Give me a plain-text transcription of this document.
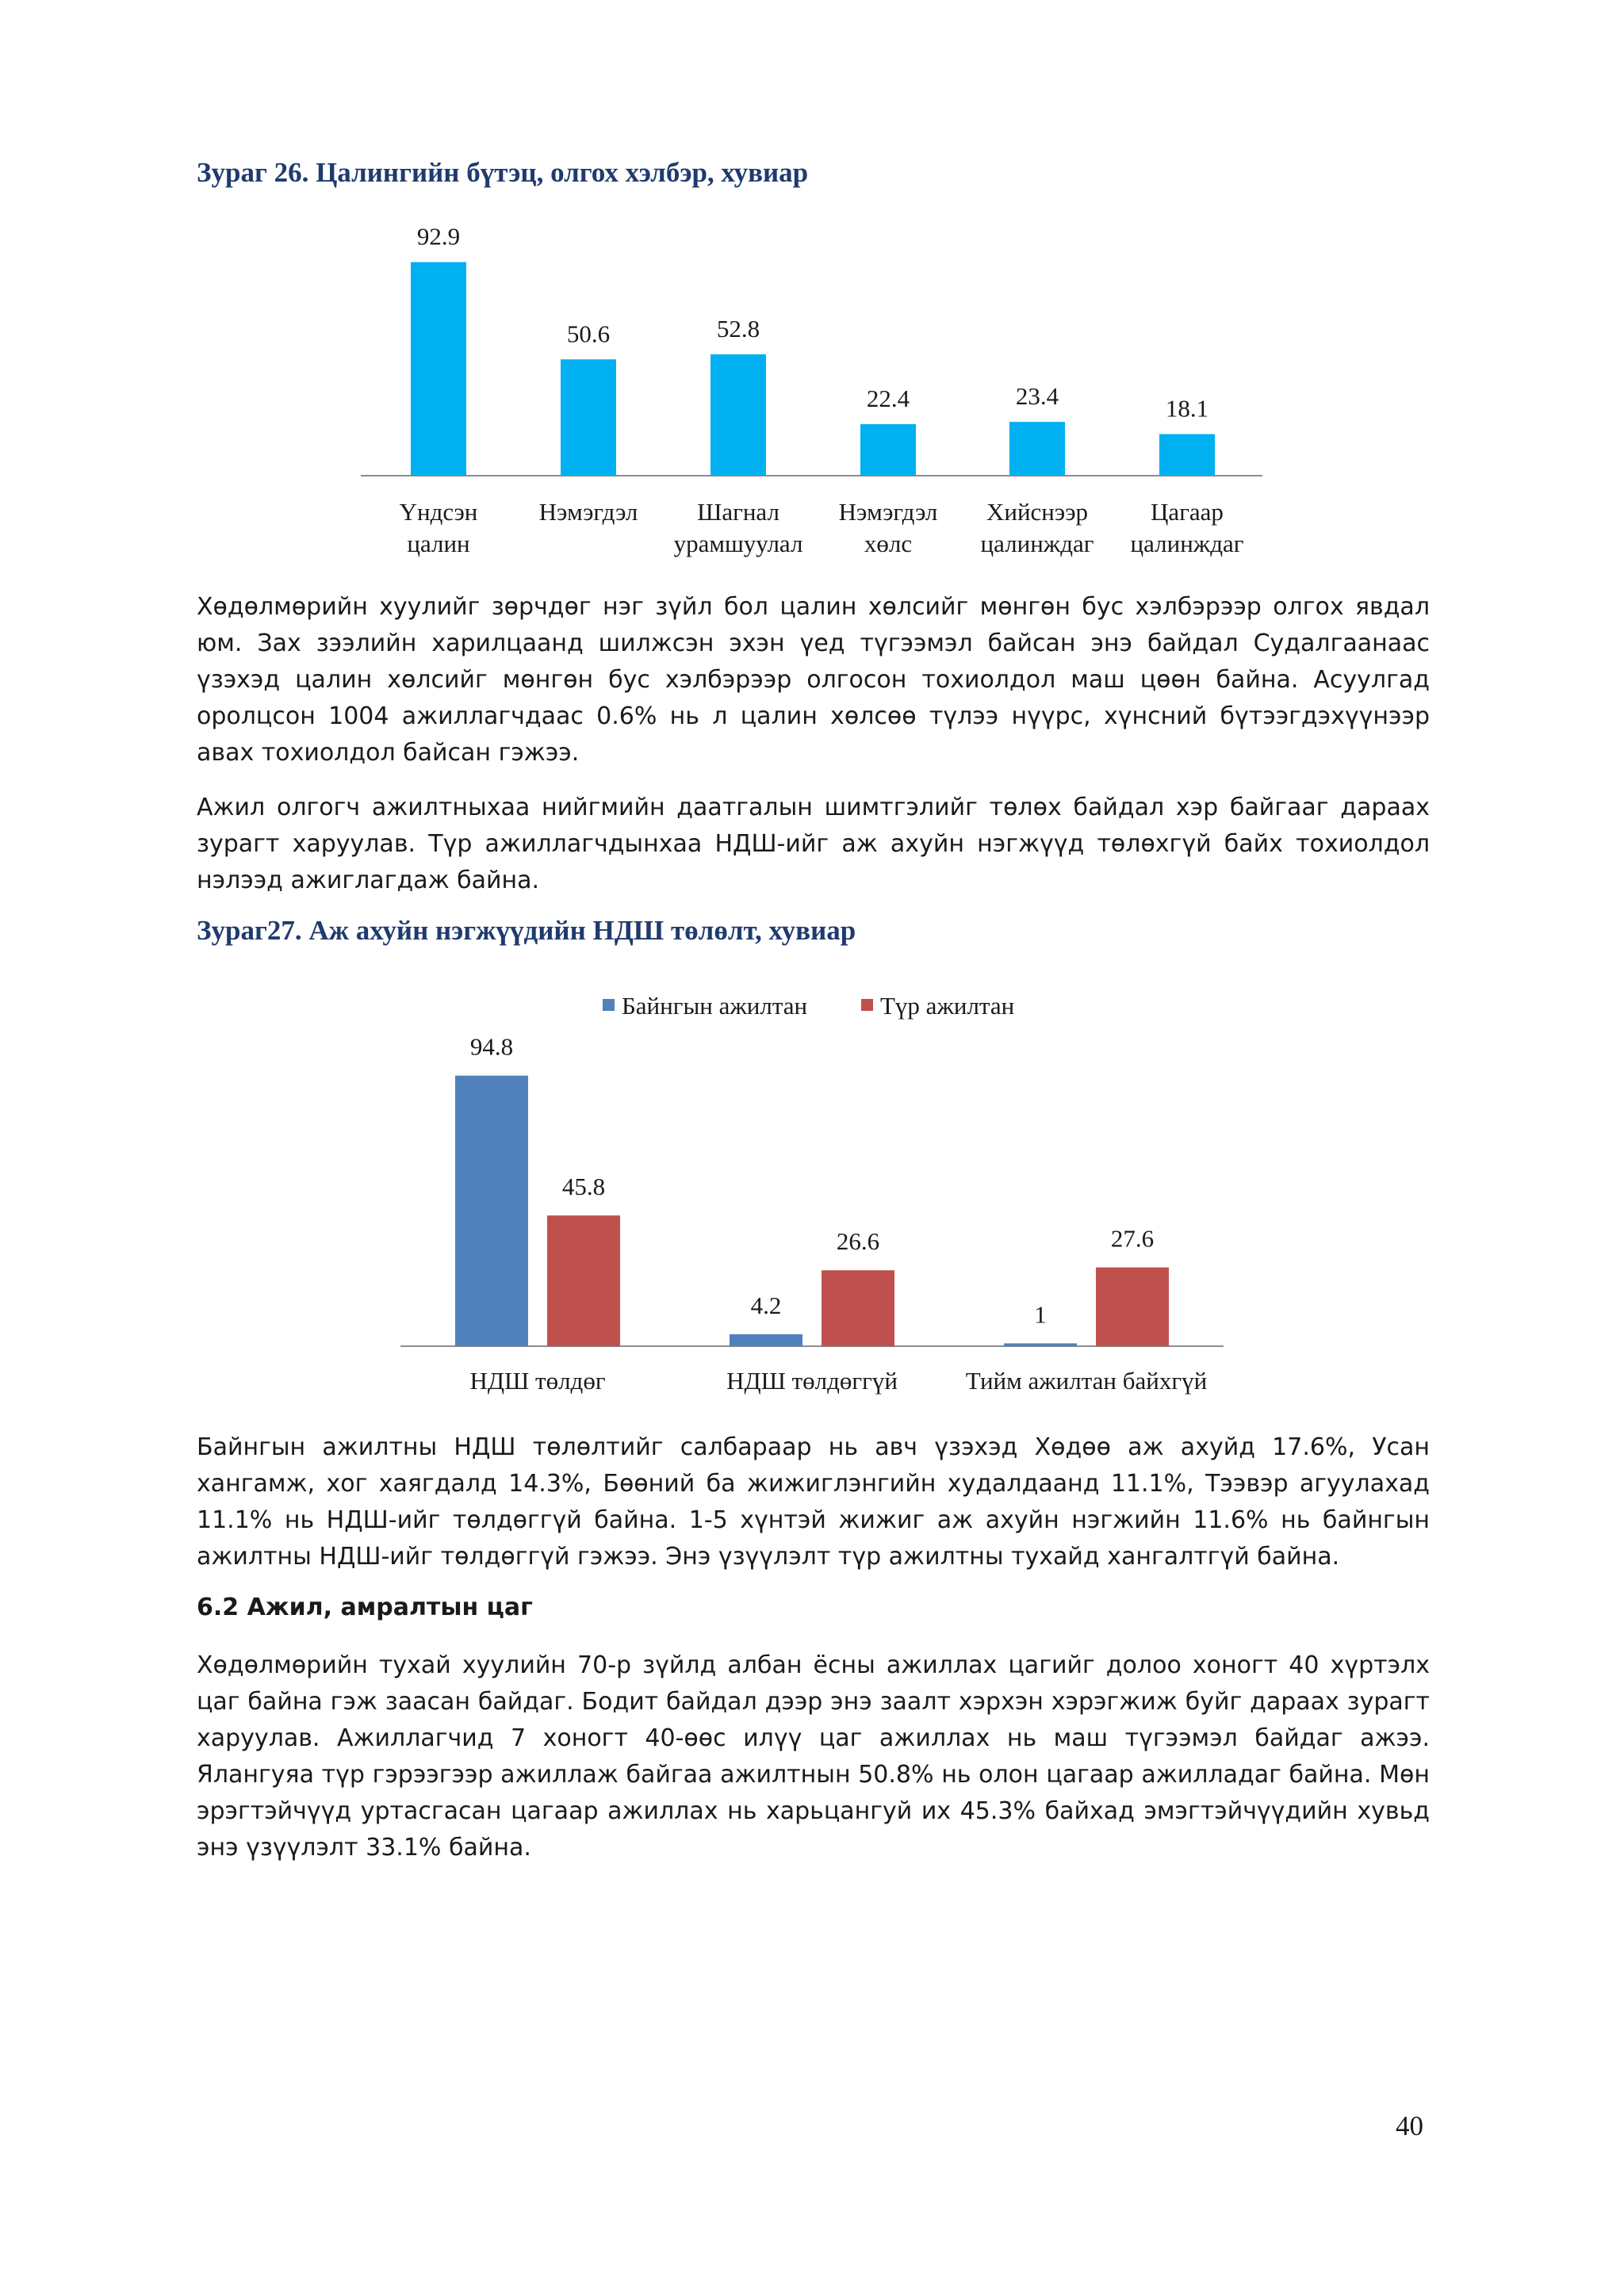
Зураг 26. Цалингийн бүтэц, олгох хэлбэр, хувиар
92.9
Үндсэн
цалин
50.6
Нэмэгдэл
52.8
Шагнал
урамшуулал
22.4
Нэмэгдэл
хөлс
23.4
Хийснээр
цалинждаг
18.1
Цагаар
цалинждаг
Байнгын ажилтан	Түр ажилтан
94.8
45.8
НДШ төлдөг
4.2
26.6
НДШ төлдөггүй
1
27.6
Тийм ажилтан байхгүй

Хөдөлмөрийн хуулийг зөрчдөг нэг зүйл бол цалин хөлсийг мөнгөн бус хэлбэрээр олгох явдал юм. Зах зээлийн харилцаанд шилжсэн эхэн үед түгээмэл байсан энэ байдал Судалгаанаас үзэхэд цалин хөлсийг мөнгөн бус хэлбэрээр олгосон тохиолдол маш цөөн байна. Асуулгад оролцсон 1004 ажиллагчдаас 0.6% нь л цалин хөлсөө түлээ нүүрс, хүнсний бүтээгдэхүүнээр авах тохиолдол байсан гэжээ.

Ажил олгогч ажилтныхаа нийгмийн даатгалын шимтгэлийг төлөх байдал хэр байгааг дараах зурагт харуулав. Түр ажиллагчдынхаа НДШ-ийг аж ахуйн нэгжүүд төлөхгүй байх тохиолдол нэлээд ажиглагдаж байна.

Зураг27. Аж ахуйн нэгжүүдийн НДШ төлөлт, хувиар

Байнгын ажилтны НДШ төлөлтийг салбараар нь авч үзэхэд Хөдөө аж ахуйд 17.6%, Усан хангамж, хог хаягдалд 14.3%, Бөөний ба жижиглэнгийн худалдаанд 11.1%, Тээвэр агуулахад 11.1% нь НДШ-ийг төлдөггүй байна. 1-5 хүнтэй жижиг аж ахуйн нэгжийн 11.6% нь байнгын ажилтны НДШ-ийг төлдөггүй гэжээ. Энэ үзүүлэлт түр ажилтны тухайд хангалтгүй байна.

6.2 Ажил, амралтын цаг

Хөдөлмөрийн тухай хуулийн 70-р зүйлд албан ёсны ажиллах цагийг долоо хоногт 40 хүртэлх цаг байна гэж заасан байдаг. Бодит байдал дээр энэ заалт хэрхэн хэрэгжиж буйг дараах зурагт харуулав. Ажиллагчид 7 хоногт 40-өөс илүү цаг ажиллах нь маш түгээмэл байдаг ажээ. Ялангуяа түр гэрээгээр ажиллаж байгаа ажилтнын 50.8% нь олон цагаар ажилладаг байна. Мөн эрэгтэйчүүд уртасгасан цагаар ажиллах нь харьцангуй их 45.3% байхад эмэгтэйчүүдийн хувьд энэ үзүүлэлт 33.1% байна.

40
